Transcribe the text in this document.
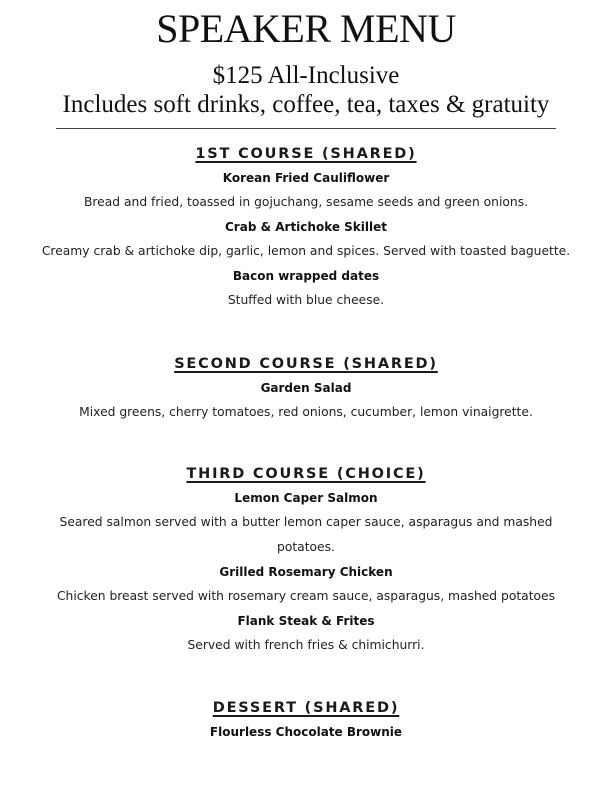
SPEAKER MENU
$125 All-Inclusive
Includes soft drinks, coffee, tea, taxes & gratuity
1ST COURSE (SHARED)
Korean Fried Cauliflower
Bread and fried, toassed in gojuchang, sesame seeds and green onions.
Crab & Artichoke Skillet
Creamy crab & artichoke dip, garlic, lemon and spices. Served with toasted baguette.
Bacon wrapped dates
Stuffed with blue cheese.
SECOND COURSE (SHARED)
Garden Salad
Mixed greens, cherry tomatoes, red onions, cucumber, lemon vinaigrette.
THIRD COURSE (CHOICE)
Lemon Caper Salmon
Seared salmon served with a butter lemon caper sauce, asparagus and mashed potatoes.
Grilled Rosemary Chicken
Chicken breast served with rosemary cream sauce, asparagus, mashed potatoes
Flank Steak & Frites
Served with french fries & chimichurri.
DESSERT (SHARED)
Flourless Chocolate Brownie
